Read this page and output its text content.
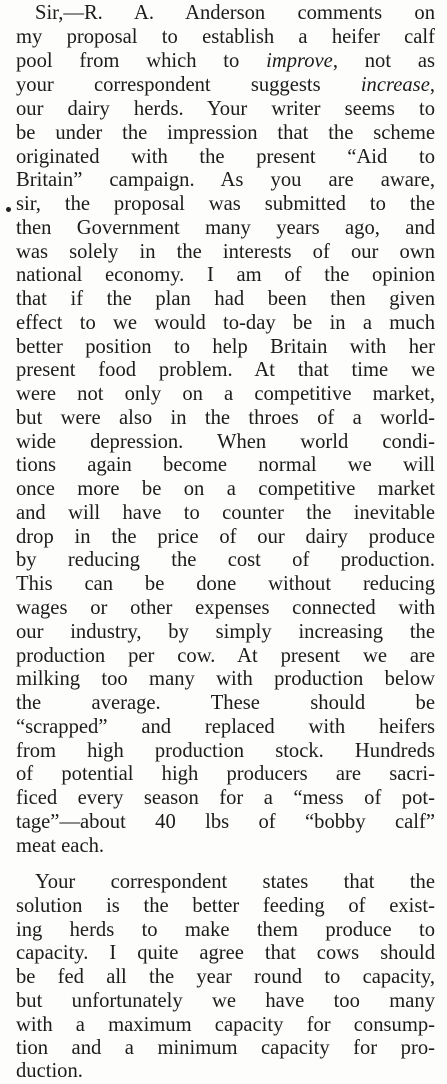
Sir,—R. A. Anderson comments on
my proposal to establish a heifer calf
pool from which to improve, not as
your correspondent suggests increase,
our dairy herds. Your writer seems to
be under the impression that the scheme
originated with the present “Aid to
Britain” campaign. As you are aware,
sir, the proposal was submitted to the
then Government many years ago, and
was solely in the interests of our own
national economy. I am of the opinion
that if the plan had been then given
effect to we would to-day be in a much
better position to help Britain with her
present food problem. At that time we
were not only on a competitive market,
but were also in the throes of a world-
wide depression. When world condi-
tions again become normal we will
once more be on a competitive market
and will have to counter the inevitable
drop in the price of our dairy produce
by reducing the cost of production.
This can be done without reducing
wages or other expenses connected with
our industry, by simply increasing the
production per cow. At present we are
milking too many with production below
the average. These should be
“scrapped” and replaced with heifers
from high production stock. Hundreds
of potential high producers are sacri-
ficed every season for a “mess of pot-
tage”—about 40 lbs of “bobby calf”
meat each.
Your correspondent states that the
solution is the better feeding of exist-
ing herds to make them produce to
capacity. I quite agree that cows should
be fed all the year round to capacity,
but unfortunately we have too many
with a maximum capacity for consump-
tion and a minimum capacity for pro-
duction.
